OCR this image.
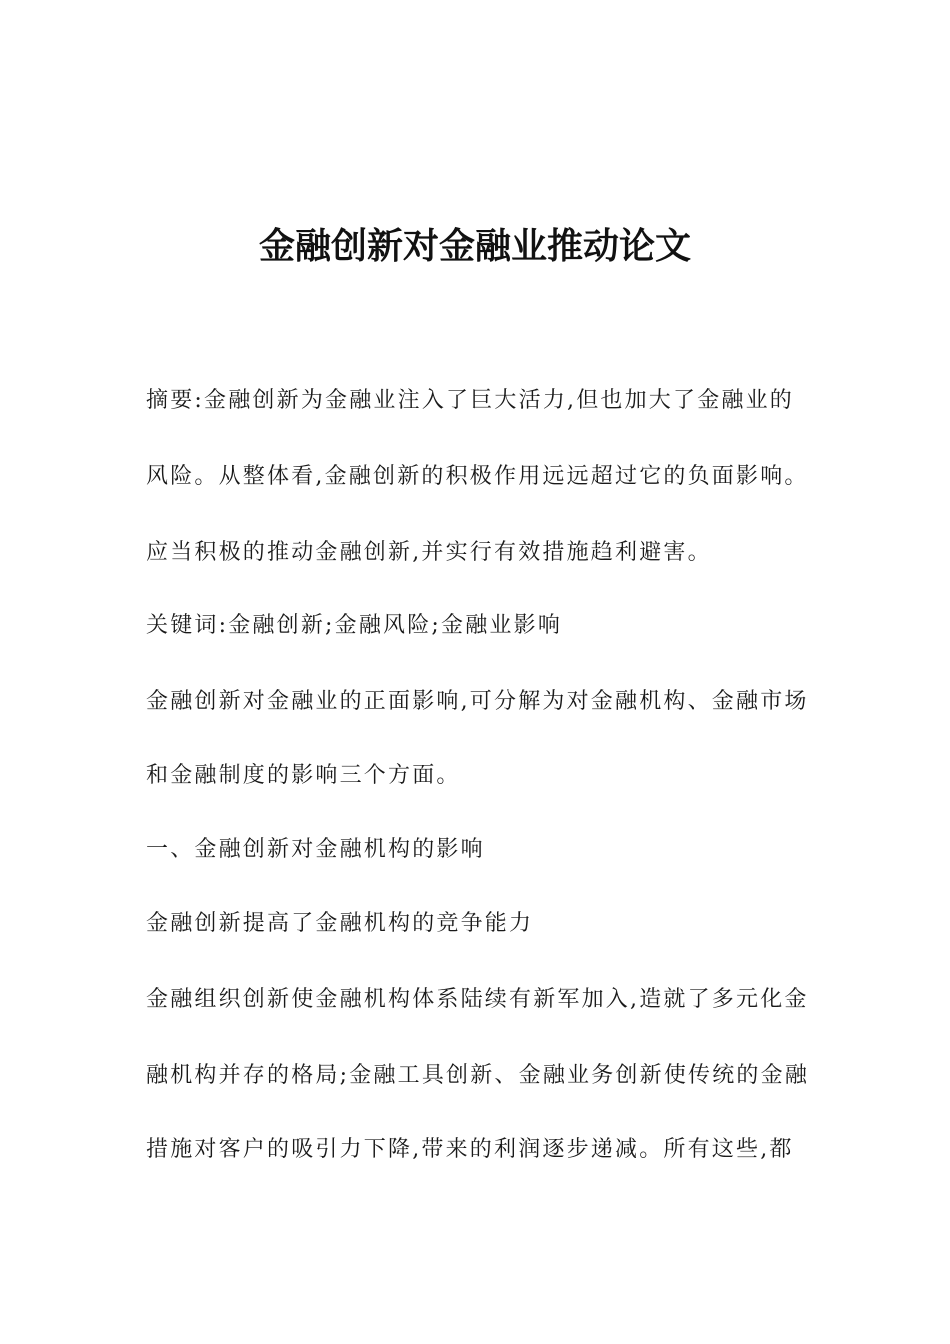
金融创新对金融业推动论文
摘要:金融创新为金融业注入了巨大活力,但也加大了金融业的
风险。从整体看,金融创新的积极作用远远超过它的负面影响。
应当积极的推动金融创新,并实行有效措施趋利避害。
关键词:金融创新;金融风险;金融业影响
金融创新对金融业的正面影响,可分解为对金融机构、金融市场
和金融制度的影响三个方面。
一、金融创新对金融机构的影响
金融创新提高了金融机构的竞争能力
金融组织创新使金融机构体系陆续有新军加入,造就了多元化金
融机构并存的格局;金融工具创新、金融业务创新使传统的金融
措施对客户的吸引力下降,带来的利润逐步递减。所有这些,都
